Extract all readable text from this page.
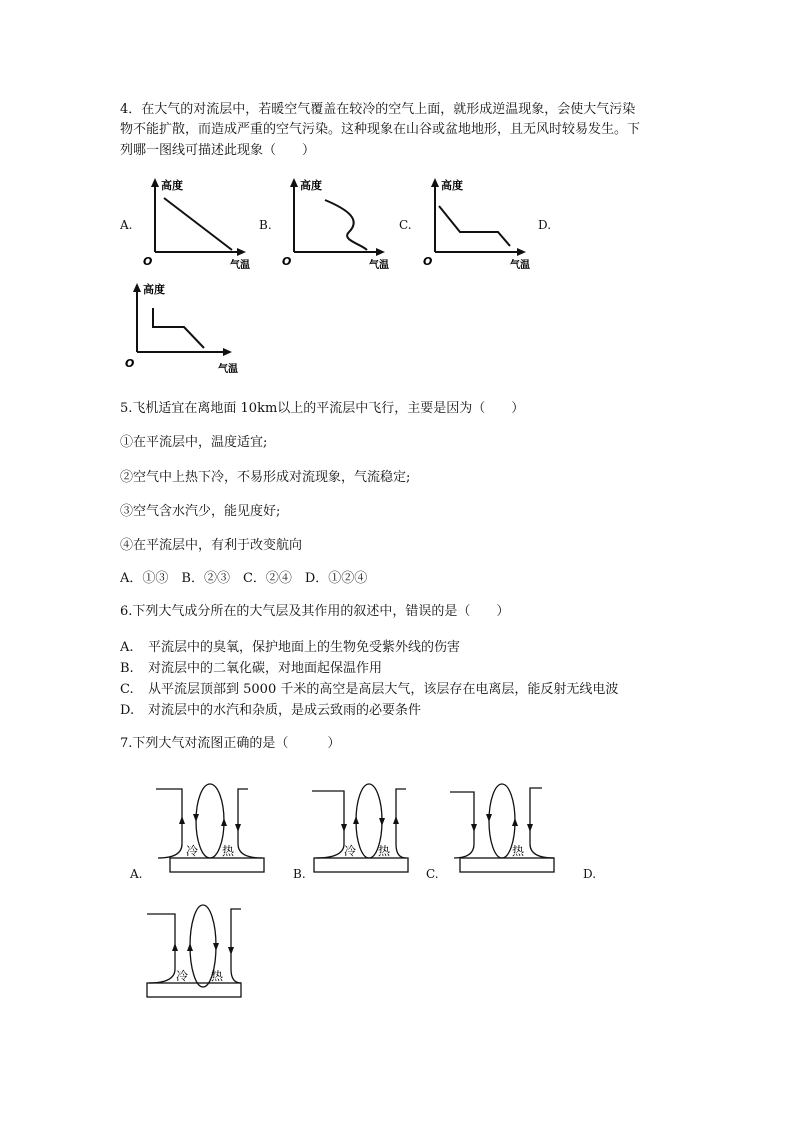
4．在大气的对流层中，若暖空气覆盖在较冷的空气上面，就形成逆温现象，会使大气污染
物不能扩散，而造成严重的空气污染。这种现象在山谷或盆地地形，且无风时较易发生。下
列哪一图线可描述此现象（　　）
A.	B.	C.	D.
高度
O	气温
高度
O	气温
高度
O	气温
高度
O	气温
5.飞机适宜在离地面 10km以上的平流层中飞行，主要是因为（　　）
①在平流层中，温度适宜;
②空气中上热下冷，不易形成对流现象，气流稳定;
③空气含水汽少，能见度好;
④在平流层中，有利于改变航向
A．①③　B．②③　C．②④　D．①②④
6.下列大气成分所在的大气层及其作用的叙述中，错误的是（　　）
A. 平流层中的臭氧，保护地面上的生物免受紫外线的伤害
B. 对流层中的二氧化碳，对地面起保温作用
C. 从平流层顶部到 5000 千米的高空是高层大气，该层存在电离层，能反射无线电波
D. 对流层中的水汽和杂质，是成云致雨的必要条件
7.下列大气对流图正确的是（　　　）
A.	B.	C.	D.
冷 热	冷 热	热
冷 热
